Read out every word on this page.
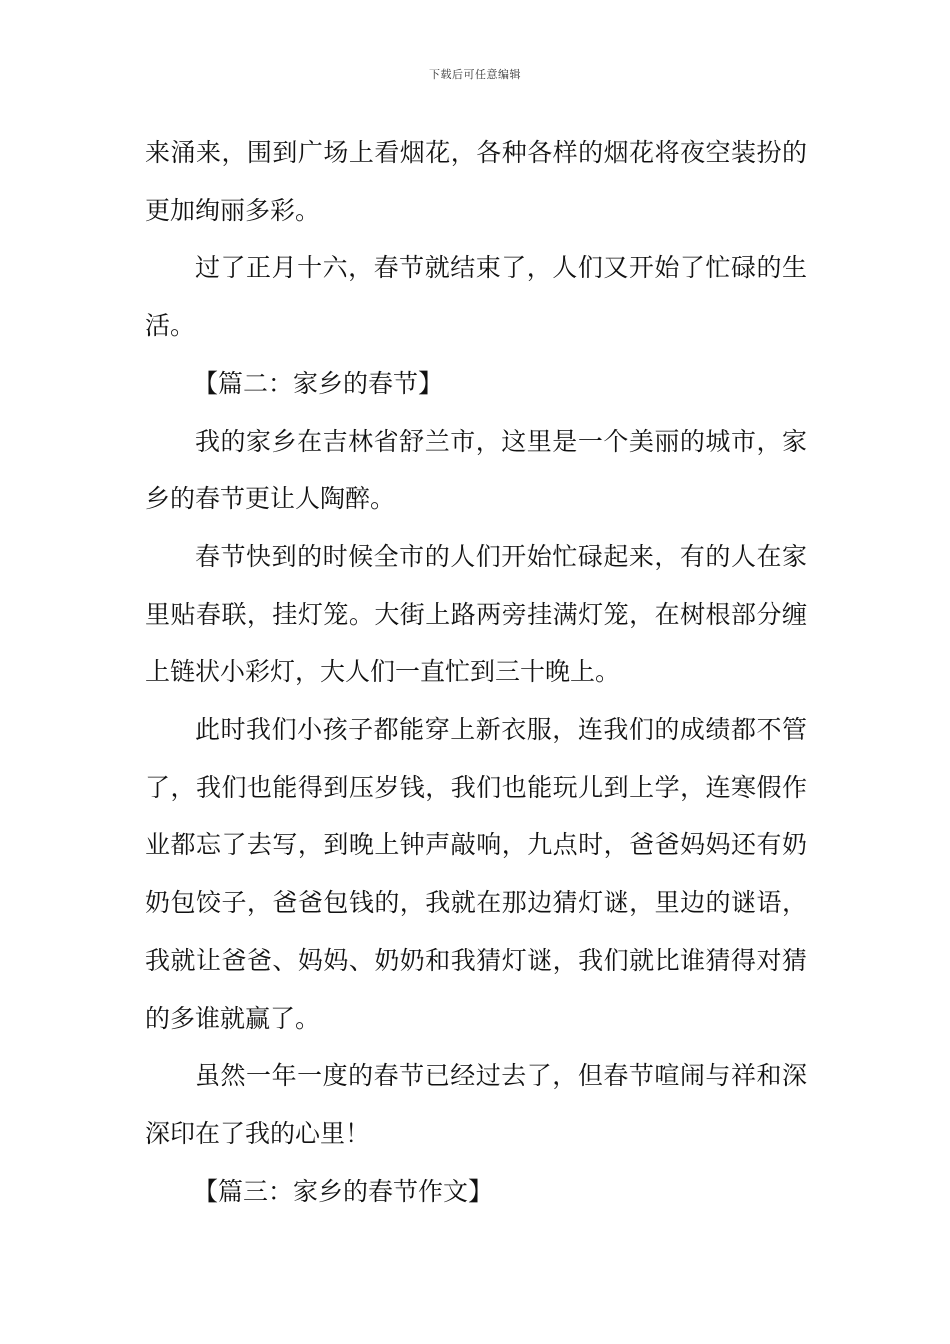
下载后可任意编辑

来涌来，围到广场上看烟花，各种各样的烟花将夜空装扮的更加绚丽多彩。

过了正月十六，春节就结束了，人们又开始了忙碌的生活。

【篇二：家乡的春节】

我的家乡在吉林省舒兰市，这里是一个美丽的城市，家乡的春节更让人陶醉。

春节快到的时候全市的人们开始忙碌起来，有的人在家里贴春联，挂灯笼。大街上路两旁挂满灯笼，在树根部分缠上链状小彩灯，大人们一直忙到三十晚上。

此时我们小孩子都能穿上新衣服，连我们的成绩都不管了，我们也能得到压岁钱，我们也能玩儿到上学，连寒假作业都忘了去写，到晚上钟声敲响，九点时，爸爸妈妈还有奶奶包饺子，爸爸包钱的，我就在那边猜灯谜，里边的谜语，我就让爸爸、妈妈、奶奶和我猜灯谜，我们就比谁猜得对猜的多谁就赢了。

虽然一年一度的春节已经过去了，但春节喧闹与祥和深深印在了我的心里！

【篇三：家乡的春节作文】
